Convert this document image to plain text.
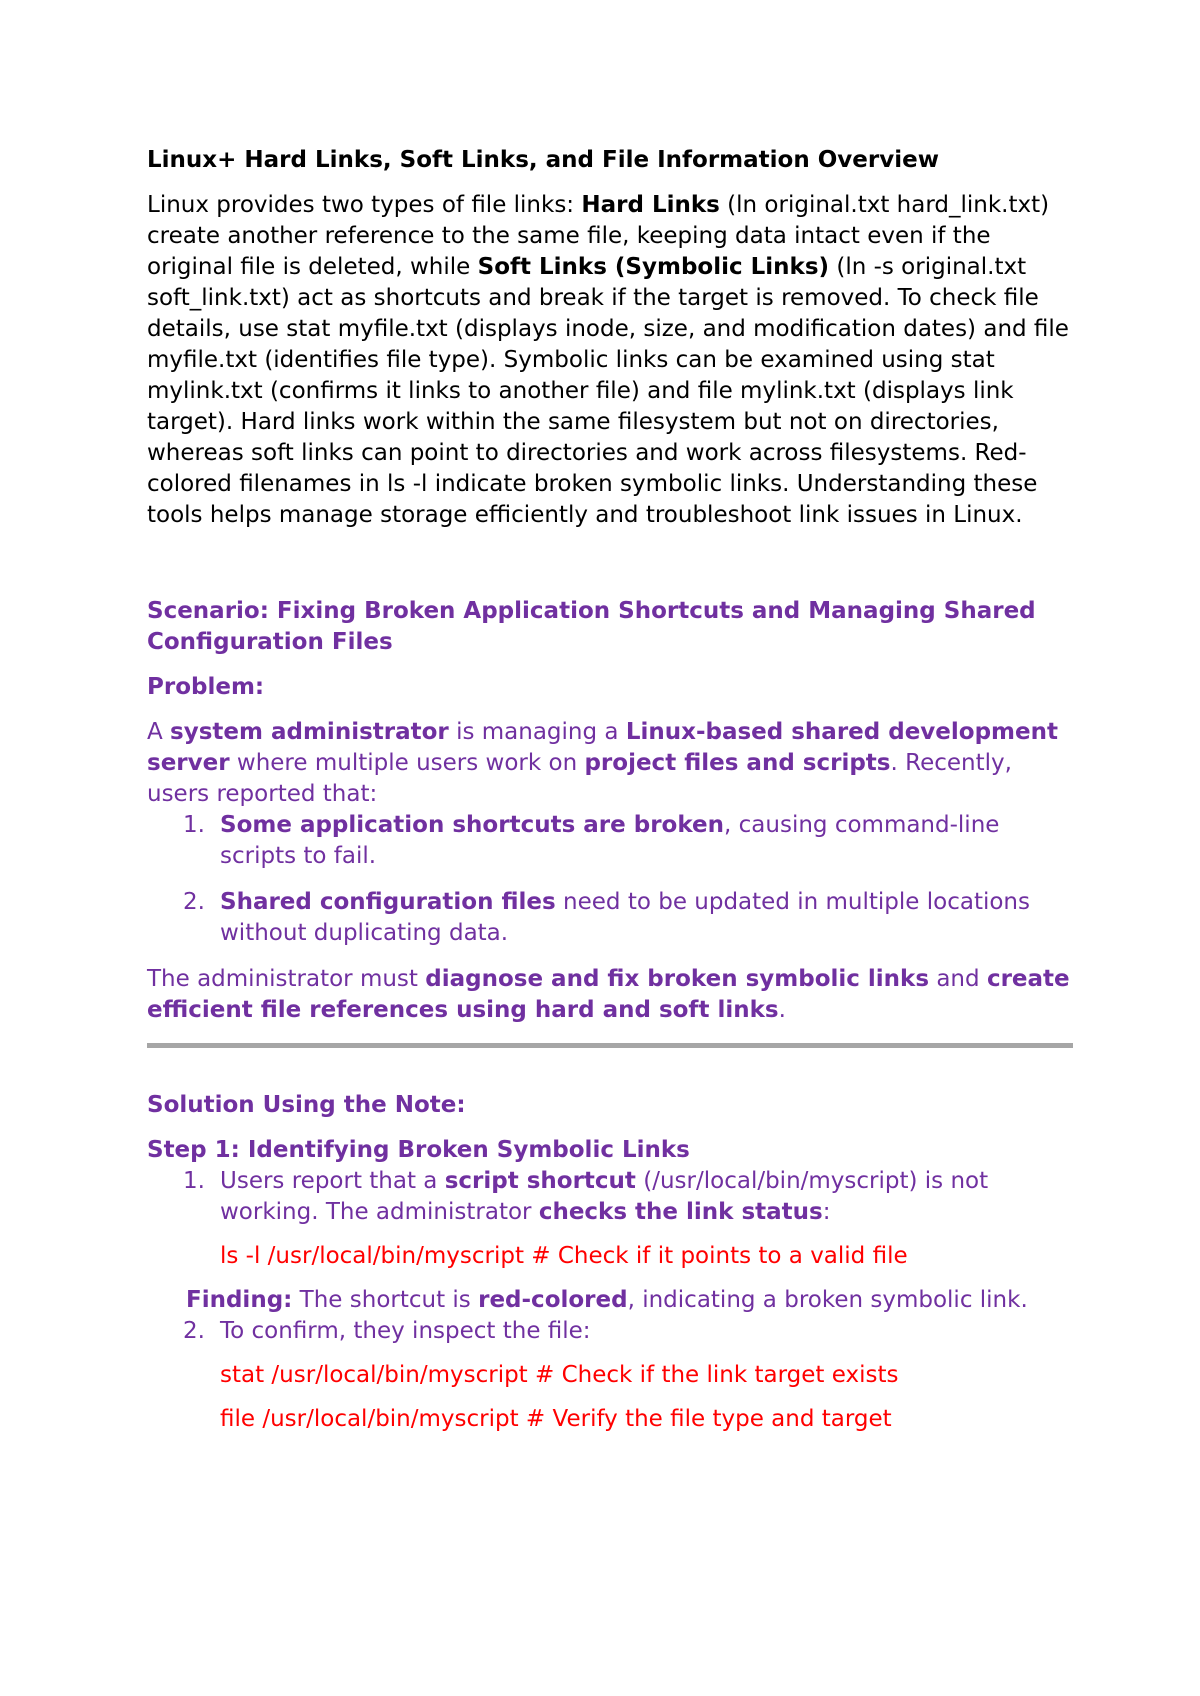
Linux+ Hard Links, Soft Links, and File Information Overview

Linux provides two types of file links: Hard Links (ln original.txt hard_link.txt) create another reference to the same file, keeping data intact even if the original file is deleted, while Soft Links (Symbolic Links) (ln -s original.txt soft_link.txt) act as shortcuts and break if the target is removed. To check file details, use stat myfile.txt (displays inode, size, and modification dates) and file myfile.txt (identifies file type). Symbolic links can be examined using stat mylink.txt (confirms it links to another file) and file mylink.txt (displays link target). Hard links work within the same filesystem but not on directories, whereas soft links can point to directories and work across filesystems. Red-colored filenames in ls -l indicate broken symbolic links. Understanding these tools helps manage storage efficiently and troubleshoot link issues in Linux.

Scenario: Fixing Broken Application Shortcuts and Managing Shared Configuration Files

Problem:

A system administrator is managing a Linux-based shared development server where multiple users work on project files and scripts. Recently, users reported that:

1. Some application shortcuts are broken, causing command-line scripts to fail.
2. Shared configuration files need to be updated in multiple locations without duplicating data.

The administrator must diagnose and fix broken symbolic links and create efficient file references using hard and soft links.

Solution Using the Note:

Step 1: Identifying Broken Symbolic Links

1. Users report that a script shortcut (/usr/local/bin/myscript) is not working. The administrator checks the link status:

ls -l /usr/local/bin/myscript # Check if it points to a valid file

Finding: The shortcut is red-colored, indicating a broken symbolic link.

2. To confirm, they inspect the file:

stat /usr/local/bin/myscript # Check if the link target exists

file /usr/local/bin/myscript # Verify the file type and target
